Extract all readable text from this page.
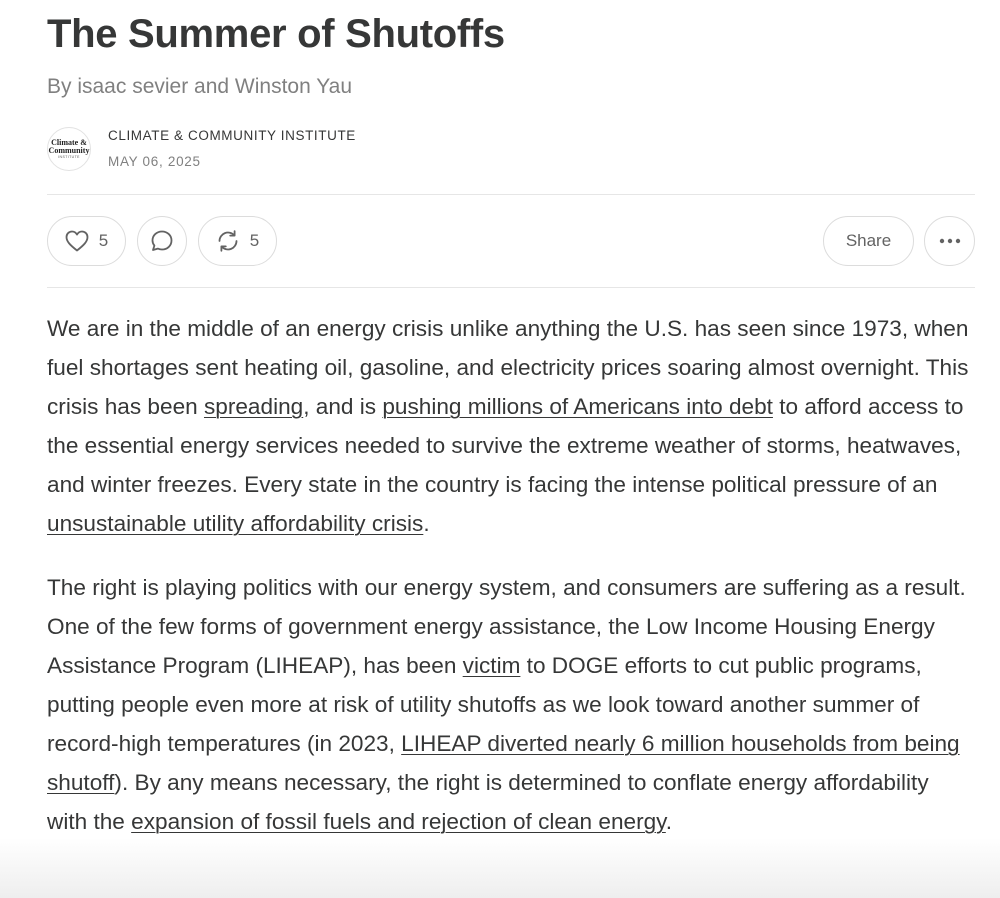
The Summer of Shutoffs
By isaac sevier and Winston Yau
Climate &
Community
INSTITUTE
CLIMATE & COMMUNITY INSTITUTE
MAY 06, 2025
5	5	Share

We are in the middle of an energy crisis unlike anything the U.S. has seen since 1973, when fuel shortages sent heating oil, gasoline, and electricity prices soaring almost overnight. This crisis has been spreading, and is pushing millions of Americans into debt to afford access to the essential energy services needed to survive the extreme weather of storms, heatwaves, and winter freezes. Every state in the country is facing the intense political pressure of an unsustainable utility affordability crisis.

The right is playing politics with our energy system, and consumers are suffering as a result. One of the few forms of government energy assistance, the Low Income Housing Energy Assistance Program (LIHEAP), has been victim to DOGE efforts to cut public programs, putting people even more at risk of utility shutoffs as we look toward another summer of record-high temperatures (in 2023, LIHEAP diverted nearly 6 million households from being shutoff). By any means necessary, the right is determined to conflate energy affordability with the expansion of fossil fuels and rejection of clean energy.
